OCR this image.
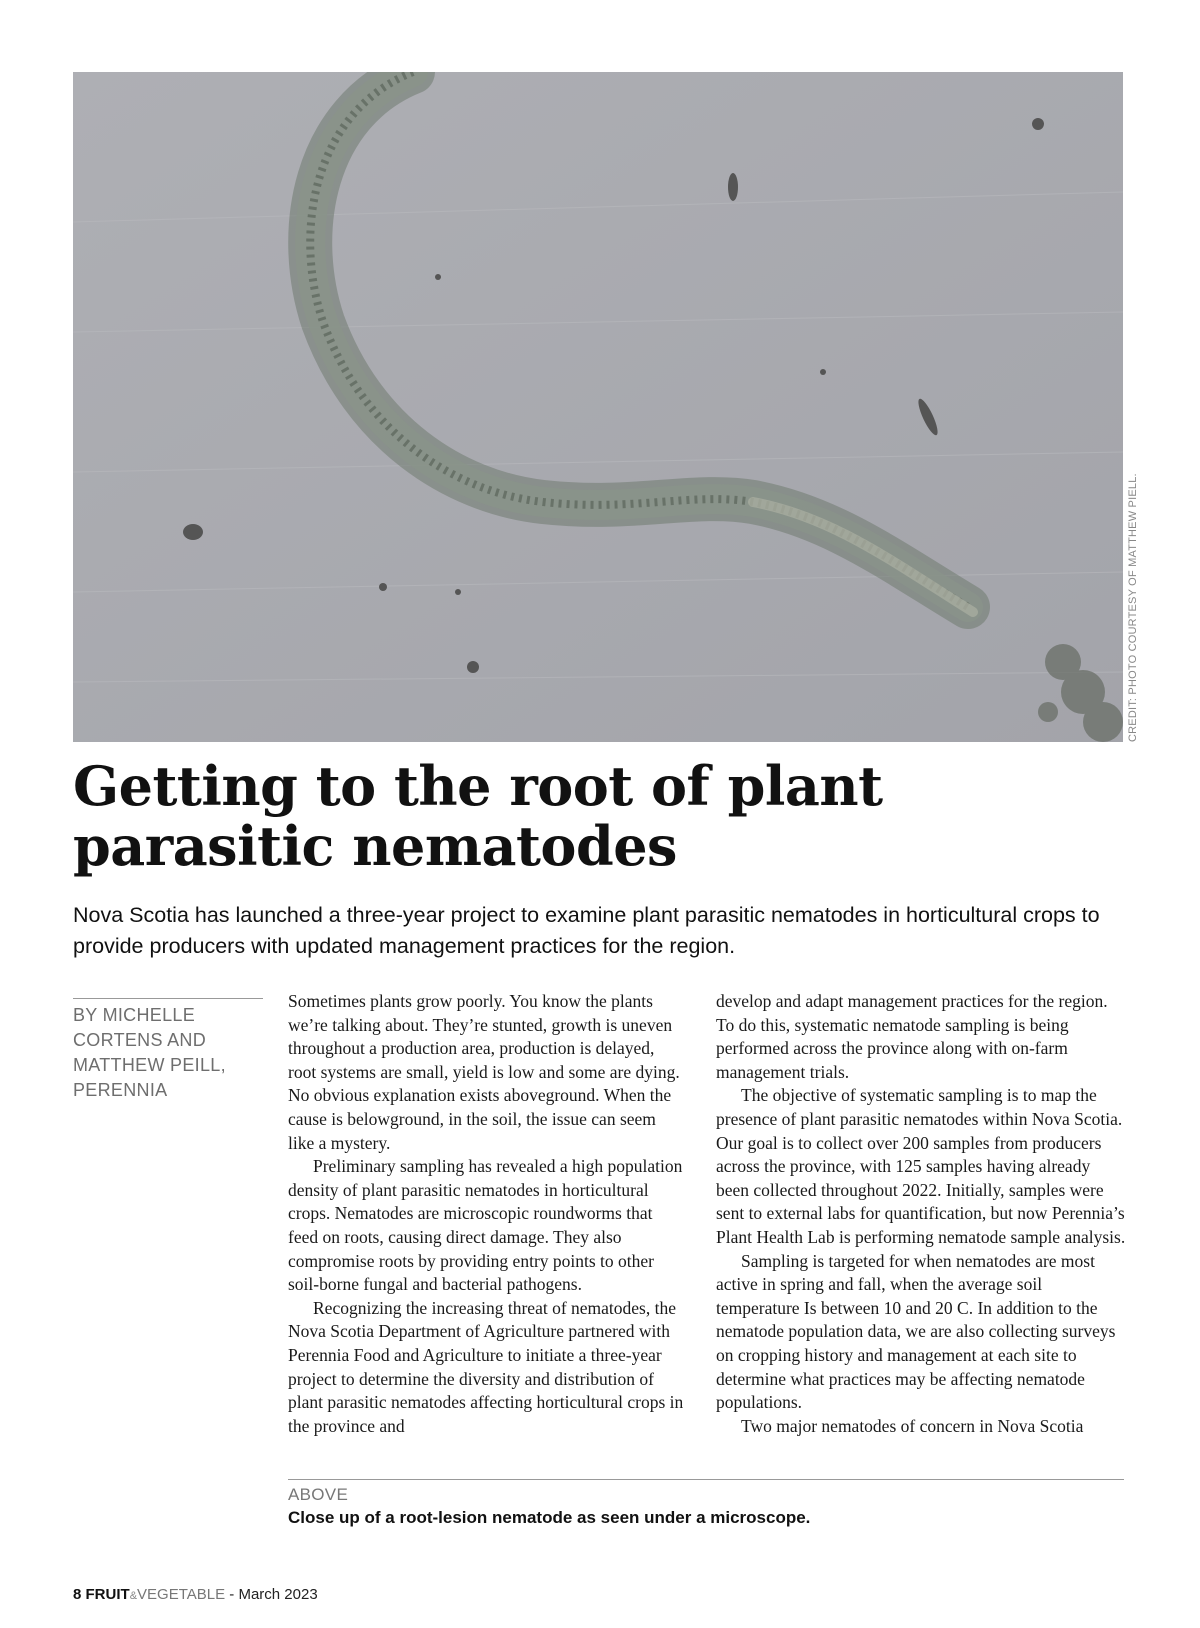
CREDIT: PHOTO COURTESY OF MATTHEW PIELL.
Getting to the root of plant parasitic nematodes

Nova Scotia has launched a three-year project to examine plant parasitic nematodes in horticultural crops to provide producers with updated management practices for the region.

BY MICHELLE CORTENS AND MATTHEW PEILL, PERENNIA

Sometimes plants grow poorly. You know the plants we’re talking about. They’re stunted, growth is uneven throughout a production area, production is delayed, root systems are small, yield is low and some are dying. No obvious explanation exists aboveground. When the cause is belowground, in the soil, the issue can seem like a mystery.

Preliminary sampling has revealed a high population density of plant parasitic nematodes in horticultural crops. Nematodes are microscopic roundworms that feed on roots, causing direct damage. They also compromise roots by providing entry points to other soil-borne fungal and bacterial pathogens.

Recognizing the increasing threat of nematodes, the Nova Scotia Department of Agriculture partnered with Perennia Food and Agriculture to initiate a three-year project to determine the diversity and distribution of plant parasitic nematodes affecting horticultural crops in the province and

develop and adapt management practices for the region. To do this, systematic nematode sampling is being performed across the province along with on-farm management trials.

The objective of systematic sampling is to map the presence of plant parasitic nematodes within Nova Scotia. Our goal is to collect over 200 samples from producers across the province, with 125 samples having already been collected throughout 2022. Initially, samples were sent to external labs for quantification, but now Perennia’s Plant Health Lab is performing nematode sample analysis.

Sampling is targeted for when nematodes are most active in spring and fall, when the average soil temperature Is between 10 and 20 C. In addition to the nematode population data, we are also collecting surveys on cropping history and management at each site to determine what practices may be affecting nematode populations.

Two major nematodes of concern in Nova Scotia

ABOVE
Close up of a root-lesion nematode as seen under a microscope.
8 FRUIT&VEGETABLE - March 2023
